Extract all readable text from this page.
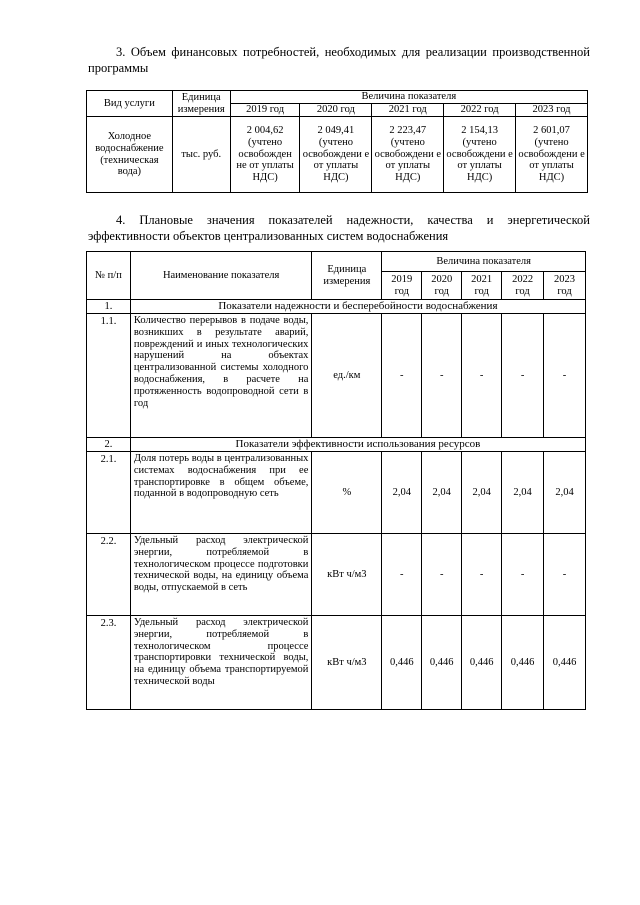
3. Объем финансовых потребностей, необходимых для реализации производственной программы
Вид услуги	Единица измерения	Величина показателя				
		2019 год	2020 год	2021 год	2022 год	2023 год
Холодное водоснабжение (техническая вода)	тыс. руб.	2 004,62 (учтено освобожден не от уплаты НДС)	2 049,41 (учтено освобождени е от уплаты НДС)	2 223,47 (учтено освобождени е от уплаты НДС)	2 154,13 (учтено освобождени е от уплаты НДС)	2 601,07 (учтено освобождени е от уплаты НДС)
4. Плановые значения показателей надежности, качества и энергетической эффективности объектов централизованных систем водоснабжения
№ п/п	Наименование показателя	Единица измерения	Величина показателя				
			2019 год	2020 год	2021 год	2022 год	2023 год
1.	Показатели надежности и бесперебойности водоснабжения						
1.1.	Количество перерывов в подаче воды, возникших в результате аварий, повреждений и иных технологических нарушений на объектах централизованной системы холодного водоснабжения, в расчете на протяженность водопроводной сети в год	ед./км	-	-	-	-	-
2.	Показатели эффективности использования ресурсов						
2.1.	Доля потерь воды в централизованных системах водоснабжения при ее транспортировке в общем объеме, поданной в водопроводную сеть	%	2,04	2,04	2,04	2,04	2,04
2.2.	Удельный расход электрической энергии, потребляемой в технологическом процессе подготовки технической воды, на единицу объема воды, отпускаемой в сеть	кВт ч/м3	-	-	-	-	-
2.3.	Удельный расход электрической энергии, потребляемой в технологическом процессе транспортировки технической воды, на единицу объема транспортируемой технической воды	кВт ч/м3	0,446	0,446	0,446	0,446	0,446
